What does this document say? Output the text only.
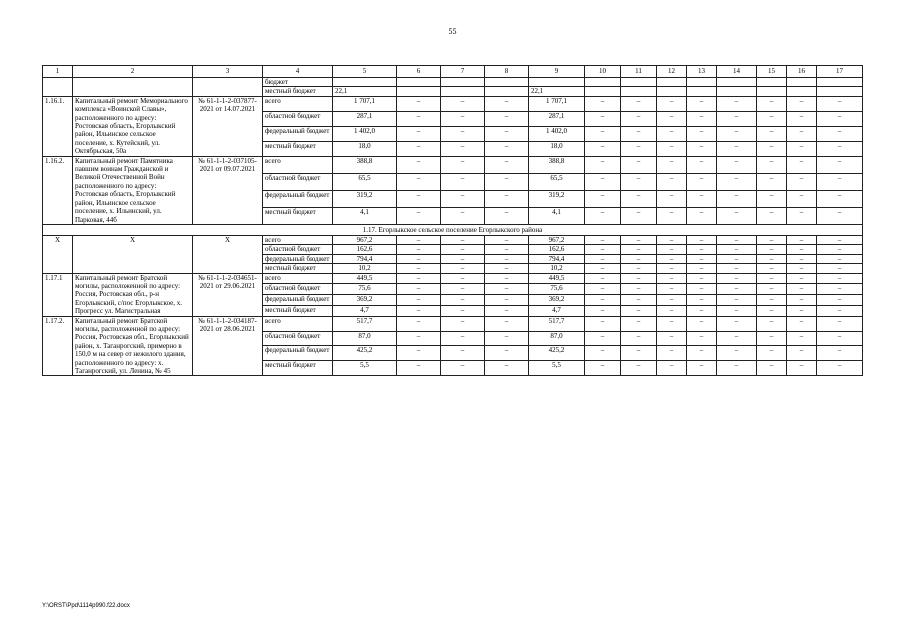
55
1	2	3	4	5	6	7	8	9	10	11	12	13	14	15	16	17
			бюджет													
			местный бюджет	22,1				22,1								
1.16.1.	Капитальный ремонт Мемориального комплекса «Воинской Славы», расположенного по адресу: Ростовская область, Егорлыкский район, Ильинское сельское поселение, х. Кутейский, ул. Октябрьская, 50а	№ 61-1-1-2-037877-2021 от 14.07.2021	всего	1 707,1	–	–	–	1 707,1	–	–	–	–	–	–	–	–
			областной бюджет	287,1	–	–	–	287,1	–	–	–	–	–	–	–	–
			федеральный бюджет	1 402,0	–	–	–	1 402,0	–	–	–	–	–	–	–	–
			местный бюджет	18,0	–	–	–	18,0	–	–	–	–	–	–	–	–
1.16.2.	Капитальный ремонт Памятника павшим воинам Гражданской и Великой Отечественной Войн расположенного по адресу: Ростовская область, Егорлыкский район, Ильинское сельское поселение, х. Ильинский, ул. Парковая, 44б	№ 61-1-1-2-037105-2021 от 09.07.2021	всего	388,8	–	–	–	388,8	–	–	–	–	–	–	–	–
			областной бюджет	65,5	–	–	–	65,5	–	–	–	–	–	–	–	–
			федеральный бюджет	319,2	–	–	–	319,2	–	–	–	–	–	–	–	–
			местный бюджет	4,1	–	–	–	4,1	–	–	–	–	–	–	–	–
1.17. Егорлыкское сельское поселение Егорлыкского района																
X	X	X	всего	967,2	–	–	–	967,2	–	–	–	–	–	–	–	–
			областной бюджет	162,6	–	–	–	162,6	–	–	–	–	–	–	–	–
			федеральный бюджет	794,4	–	–	–	794,4	–	–	–	–	–	–	–	–
			местный бюджет	10,2	–	–	–	10,2	–	–	–	–	–	–	–	–
1.17.1	Капитальный ремонт Братской могилы, расположенной по адресу: Россия, Ростовская обл., р-н Егорлыкский, с/пос Егорлыкское, х. Прогресс ул. Магистральная	№ 61-1-1-2-034651-2021 от 29.06.2021	всего	449,5	–	–	–	449,5	–	–	–	–	–	–	–	–
			областной бюджет	75,6	–	–	–	75,6	–	–	–	–	–	–	–	–
			федеральный бюджет	369,2	–	–	–	369,2	–	–	–	–	–	–	–	–
			местный бюджет	4,7	–	–	–	4,7	–	–	–	–	–	–	–	–
1.17.2.	Капитальный ремонт Братской могилы, расположенной по адресу: Россия, Ростовская обл., Егорлыкский район, х. Таганрогский, примерно в 150,0 м на север от нежилого здания, расположенного по адресу: х. Таганрогский, ул. Ленина, № 45	№ 61-1-1-2-034187-2021 от 28.06.2021	всего	517,7	–	–	–	517,7	–	–	–	–	–	–	–	–
			областной бюджет	87,0	–	–	–	87,0	–	–	–	–	–	–	–	–
			федеральный бюджет	425,2	–	–	–	425,2	–	–	–	–	–	–	–	–
			местный бюджет	5,5	–	–	–	5,5	–	–	–	–	–	–	–	–
Y:\ORST\Ppd\1114p990.f22.docx
